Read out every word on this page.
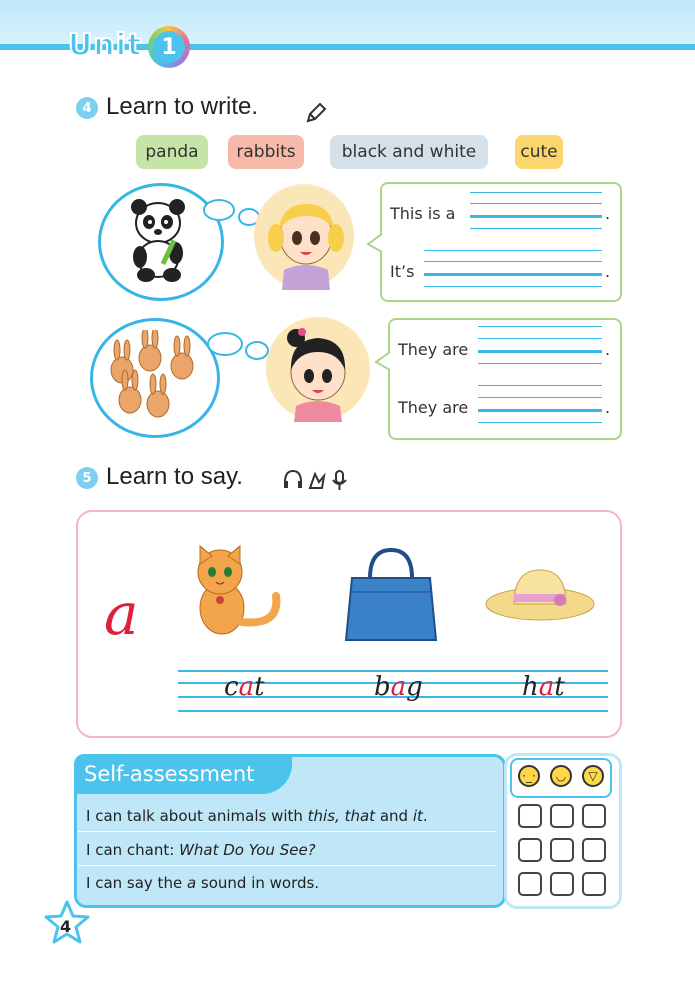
Unit 1
4 Learn to write.
panda	rabbits	black and white	cute
This is a	.
It’s	.
They are	.
They are	.
5 Learn to say.
a
cat	bag	hat
Self-assessment
I can talk about animals with this, that and it.
I can chant: What Do You See?
I can say the a sound in words.
·_·	◡	▽
4
